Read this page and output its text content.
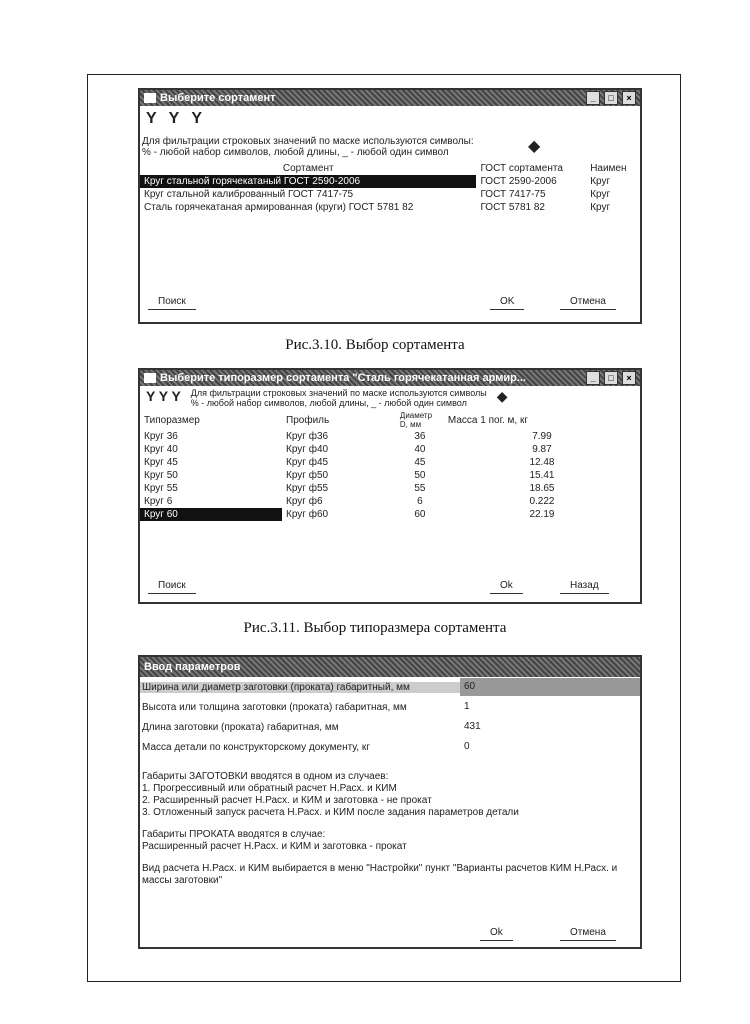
Выберите сортамент	_	□	×
Y Y Y
Для фильтрации строковых значений по маске используются символы:
% - любой набор символов, любой длины, _ - любой один символ	◆
Сортамент	ГОСТ сортамента	Наимен
Круг стальной горячекатаный ГОСТ 2590-2006	ГОСТ 2590-2006	Круг
Круг стальной калиброванный ГОСТ 7417-75	ГОСТ 7417-75	Круг
Сталь горячекатаная армированная (круги) ГОСТ 5781 82	ГОСТ 5781 82	Круг
Поиск	OK	Отмена
Рис.3.10. Выбор сортамента
Выберите типоразмер сортамента "Сталь горячекатанная армир...	_	□	×
Y Y Y Для фильтрации строковых значений по маске используются символы
% - любой набор символов, любой длины, _ - любой один символ	◆
Типоразмер	Профиль	Диаметр D, мм	Масса 1 пог. м, кг
Круг 36	Круг ф36	36	7.99
Круг 40	Круг ф40	40	9.87
Круг 45	Круг ф45	45	12.48
Круг 50	Круг ф50	50	15.41
Круг 55	Круг ф55	55	18.65
Круг 6	Круг ф6	6	0.222
Круг 60	Круг ф60	60	22.19
Поиск	Ok	Назад
Рис.3.11. Выбор типоразмера сортамента
Ввод параметров
Ширина или диаметр заготовки (проката) габаритный, мм	60
Высота или толщина заготовки (проката) габаритная, мм	1
Длина заготовки (проката) габаритная, мм	431
Масса детали по конструкторскому документу, кг	0
Габариты ЗАГОТОВКИ вводятся в одном из случаев:
1. Прогрессивный или обратный расчет Н.Расх. и КИМ
2. Расширенный расчет Н.Расх. и КИМ и заготовка - не прокат
3. Отложенный запуск расчета Н.Расх. и КИМ после задания параметров детали
Габариты ПРОКАТА вводятся в случае:
Расширенный расчет Н.Расх. и КИМ и заготовка - прокат
Вид расчета Н.Расх. и КИМ выбирается в меню "Настройки" пункт "Варианты расчетов КИМ Н.Расх. и массы заготовки"
Ok	Отмена
